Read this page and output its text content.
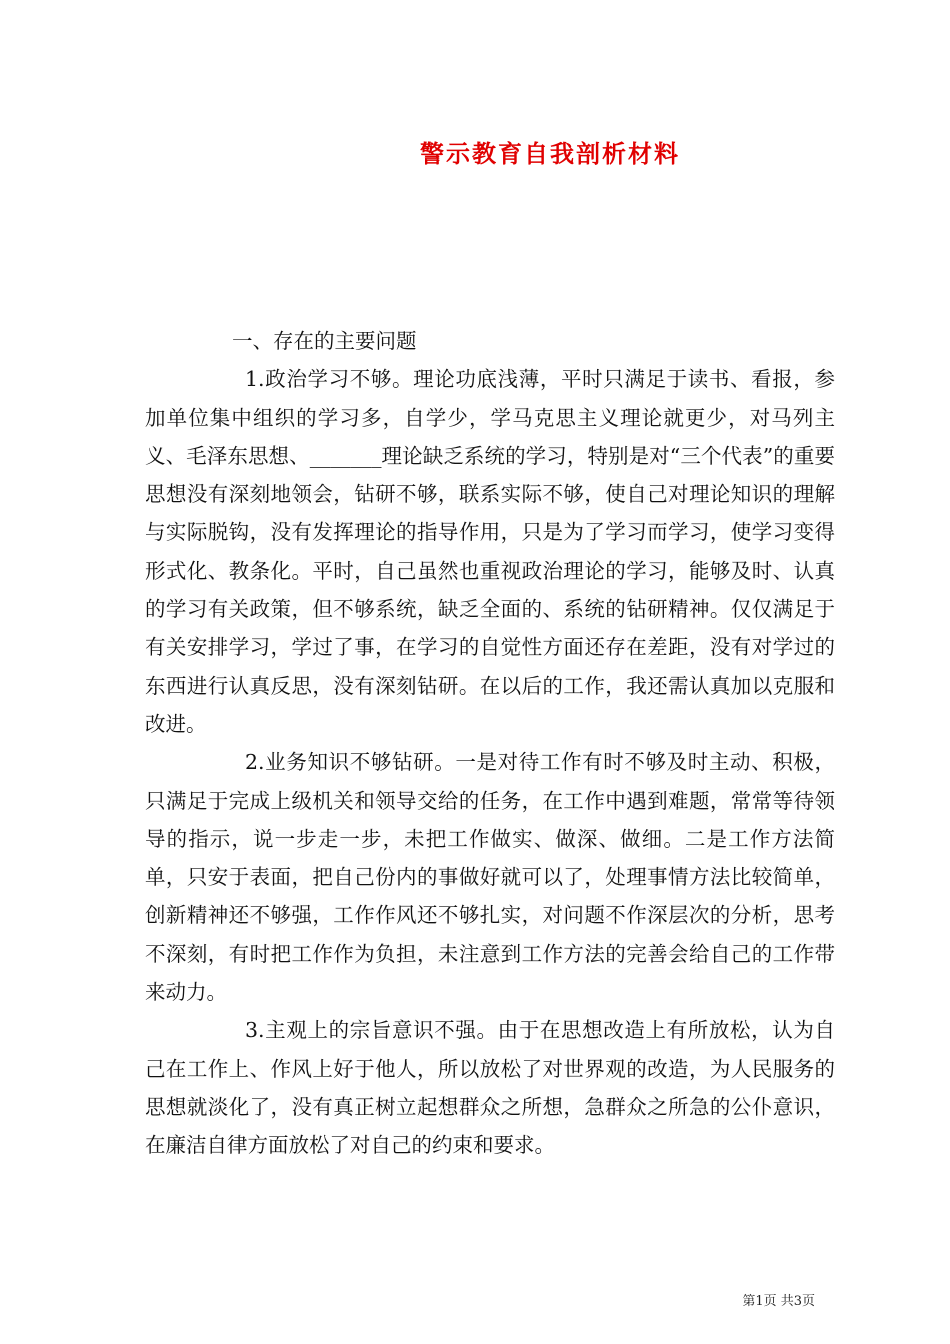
警示教育自我剖析材料

一、存在的主要问题

1.政治学习不够。理论功底浅薄，平时只满足于读书、看报，参加单位集中组织的学习多，自学少，学马克思主义理论就更少，对马列主义、毛泽东思想、_______理论缺乏系统的学习，特别是对“三个代表”的重要思想没有深刻地领会，钻研不够，联系实际不够，使自己对理论知识的理解与实际脱钩，没有发挥理论的指导作用，只是为了学习而学习，使学习变得形式化、教条化。平时，自己虽然也重视政治理论的学习，能够及时、认真的学习有关政策，但不够系统，缺乏全面的、系统的钻研精神。仅仅满足于有关安排学习，学过了事，在学习的自觉性方面还存在差距，没有对学过的东西进行认真反思，没有深刻钻研。在以后的工作，我还需认真加以克服和改进。

2.业务知识不够钻研。一是对待工作有时不够及时主动、积极，只满足于完成上级机关和领导交给的任务，在工作中遇到难题，常常等待领导的指示，说一步走一步，未把工作做实、做深、做细。二是工作方法简单，只安于表面，把自己份内的事做好就可以了，处理事情方法比较简单，创新精神还不够强，工作作风还不够扎实，对问题不作深层次的分析，思考不深刻，有时把工作作为负担，未注意到工作方法的完善会给自己的工作带来动力。

3.主观上的宗旨意识不强。由于在思想改造上有所放松，认为自己在工作上、作风上好于他人，所以放松了对世界观的改造，为人民服务的思想就淡化了，没有真正树立起想群众之所想，急群众之所急的公仆意识，在廉洁自律方面放松了对自己的约束和要求。

第1页 共3页
